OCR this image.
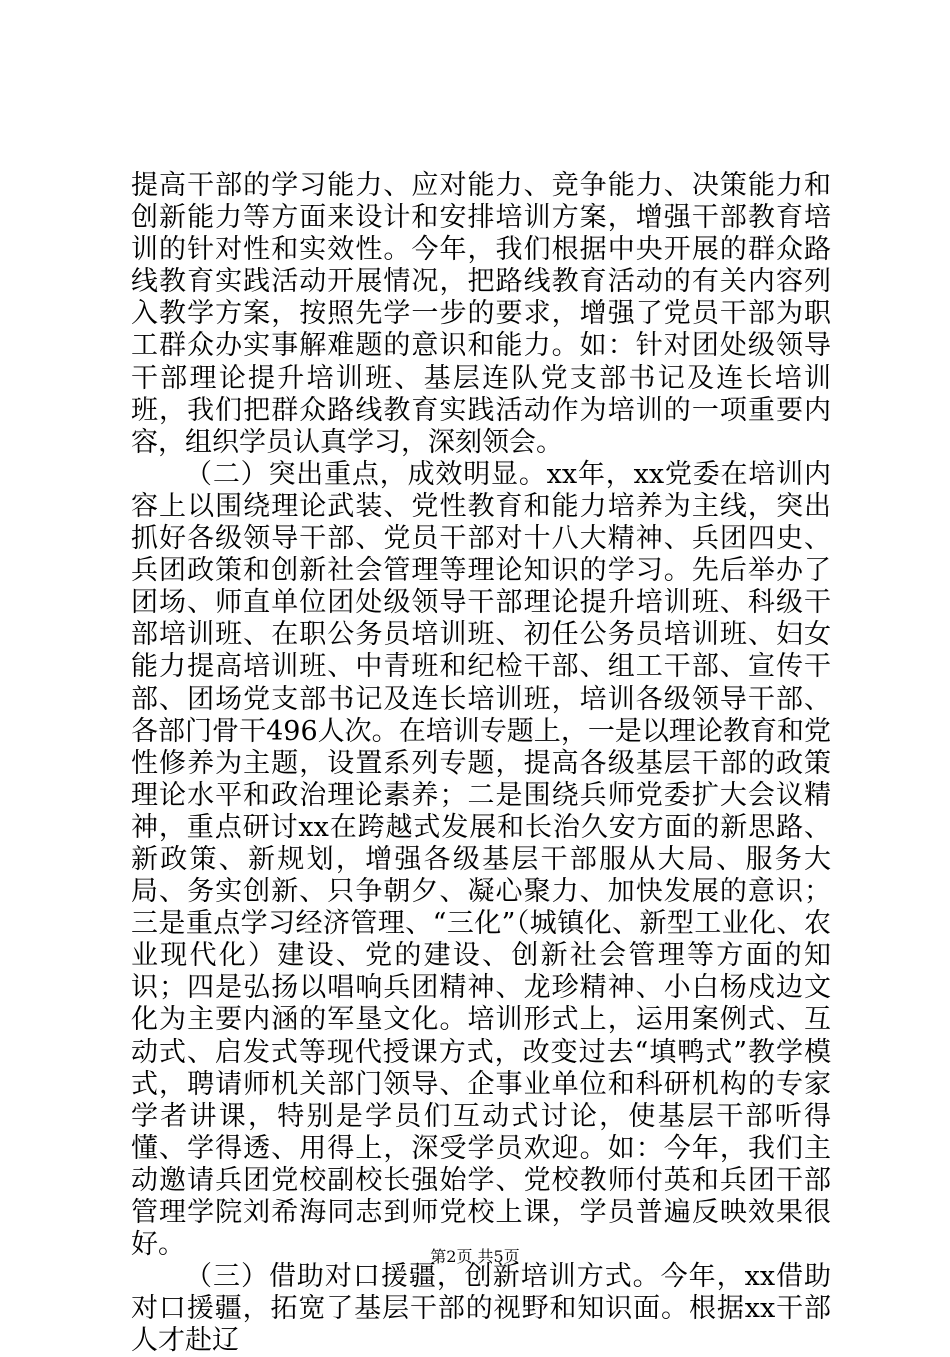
提高干部的学习能力、应对能力、竞争能力、决策能力和创新能力等方面来设计和安排培训方案，增强干部教育培训的针对性和实效性。今年，我们根据中央开展的群众路线教育实践活动开展情况，把路线教育活动的有关内容列入教学方案，按照先学一步的要求，增强了党员干部为职工群众办实事解难题的意识和能力。如：针对团处级领导干部理论提升培训班、基层连队党支部书记及连长培训班，我们把群众路线教育实践活动作为培训的一项重要内容，组织学员认真学习，深刻领会。

（二）突出重点，成效明显。xx年，xx党委在培训内容上以围绕理论武装、党性教育和能力培养为主线，突出抓好各级领导干部、党员干部对十八大精神、兵团四史、兵团政策和创新社会管理等理论知识的学习。先后举办了团场、师直单位团处级领导干部理论提升培训班、科级干部培训班、在职公务员培训班、初任公务员培训班、妇女能力提高培训班、中青班和纪检干部、组工干部、宣传干部、团场党支部书记及连长培训班，培训各级领导干部、各部门骨干496人次。在培训专题上，一是以理论教育和党性修养为主题，设置系列专题，提高各级基层干部的政策理论水平和政治理论素养；二是围绕兵师党委扩大会议精神，重点研讨xx在跨越式发展和长治久安方面的新思路、新政策、新规划，增强各级基层干部服从大局、服务大局、务实创新、只争朝夕、凝心聚力、加快发展的意识；三是重点学习经济管理、“三化”（城镇化、新型工业化、农业现代化）建设、党的建设、创新社会管理等方面的知识；四是弘扬以唱响兵团精神、龙珍精神、小白杨戍边文化为主要内涵的军垦文化。培训形式上，运用案例式、互动式、启发式等现代授课方式，改变过去“填鸭式”教学模式，聘请师机关部门领导、企事业单位和科研机构的专家学者讲课，特别是学员们互动式讨论，使基层干部听得懂、学得透、用得上，深受学员欢迎。如：今年，我们主动邀请兵团党校副校长强始学、党校教师付英和兵团干部管理学院刘希海同志到师党校上课，学员普遍反映效果很好。

（三）借助对口援疆，创新培训方式。今年，xx借助对口援疆，拓宽了基层干部的视野和知识面。根据xx干部人才赴辽

第2页 共5页
